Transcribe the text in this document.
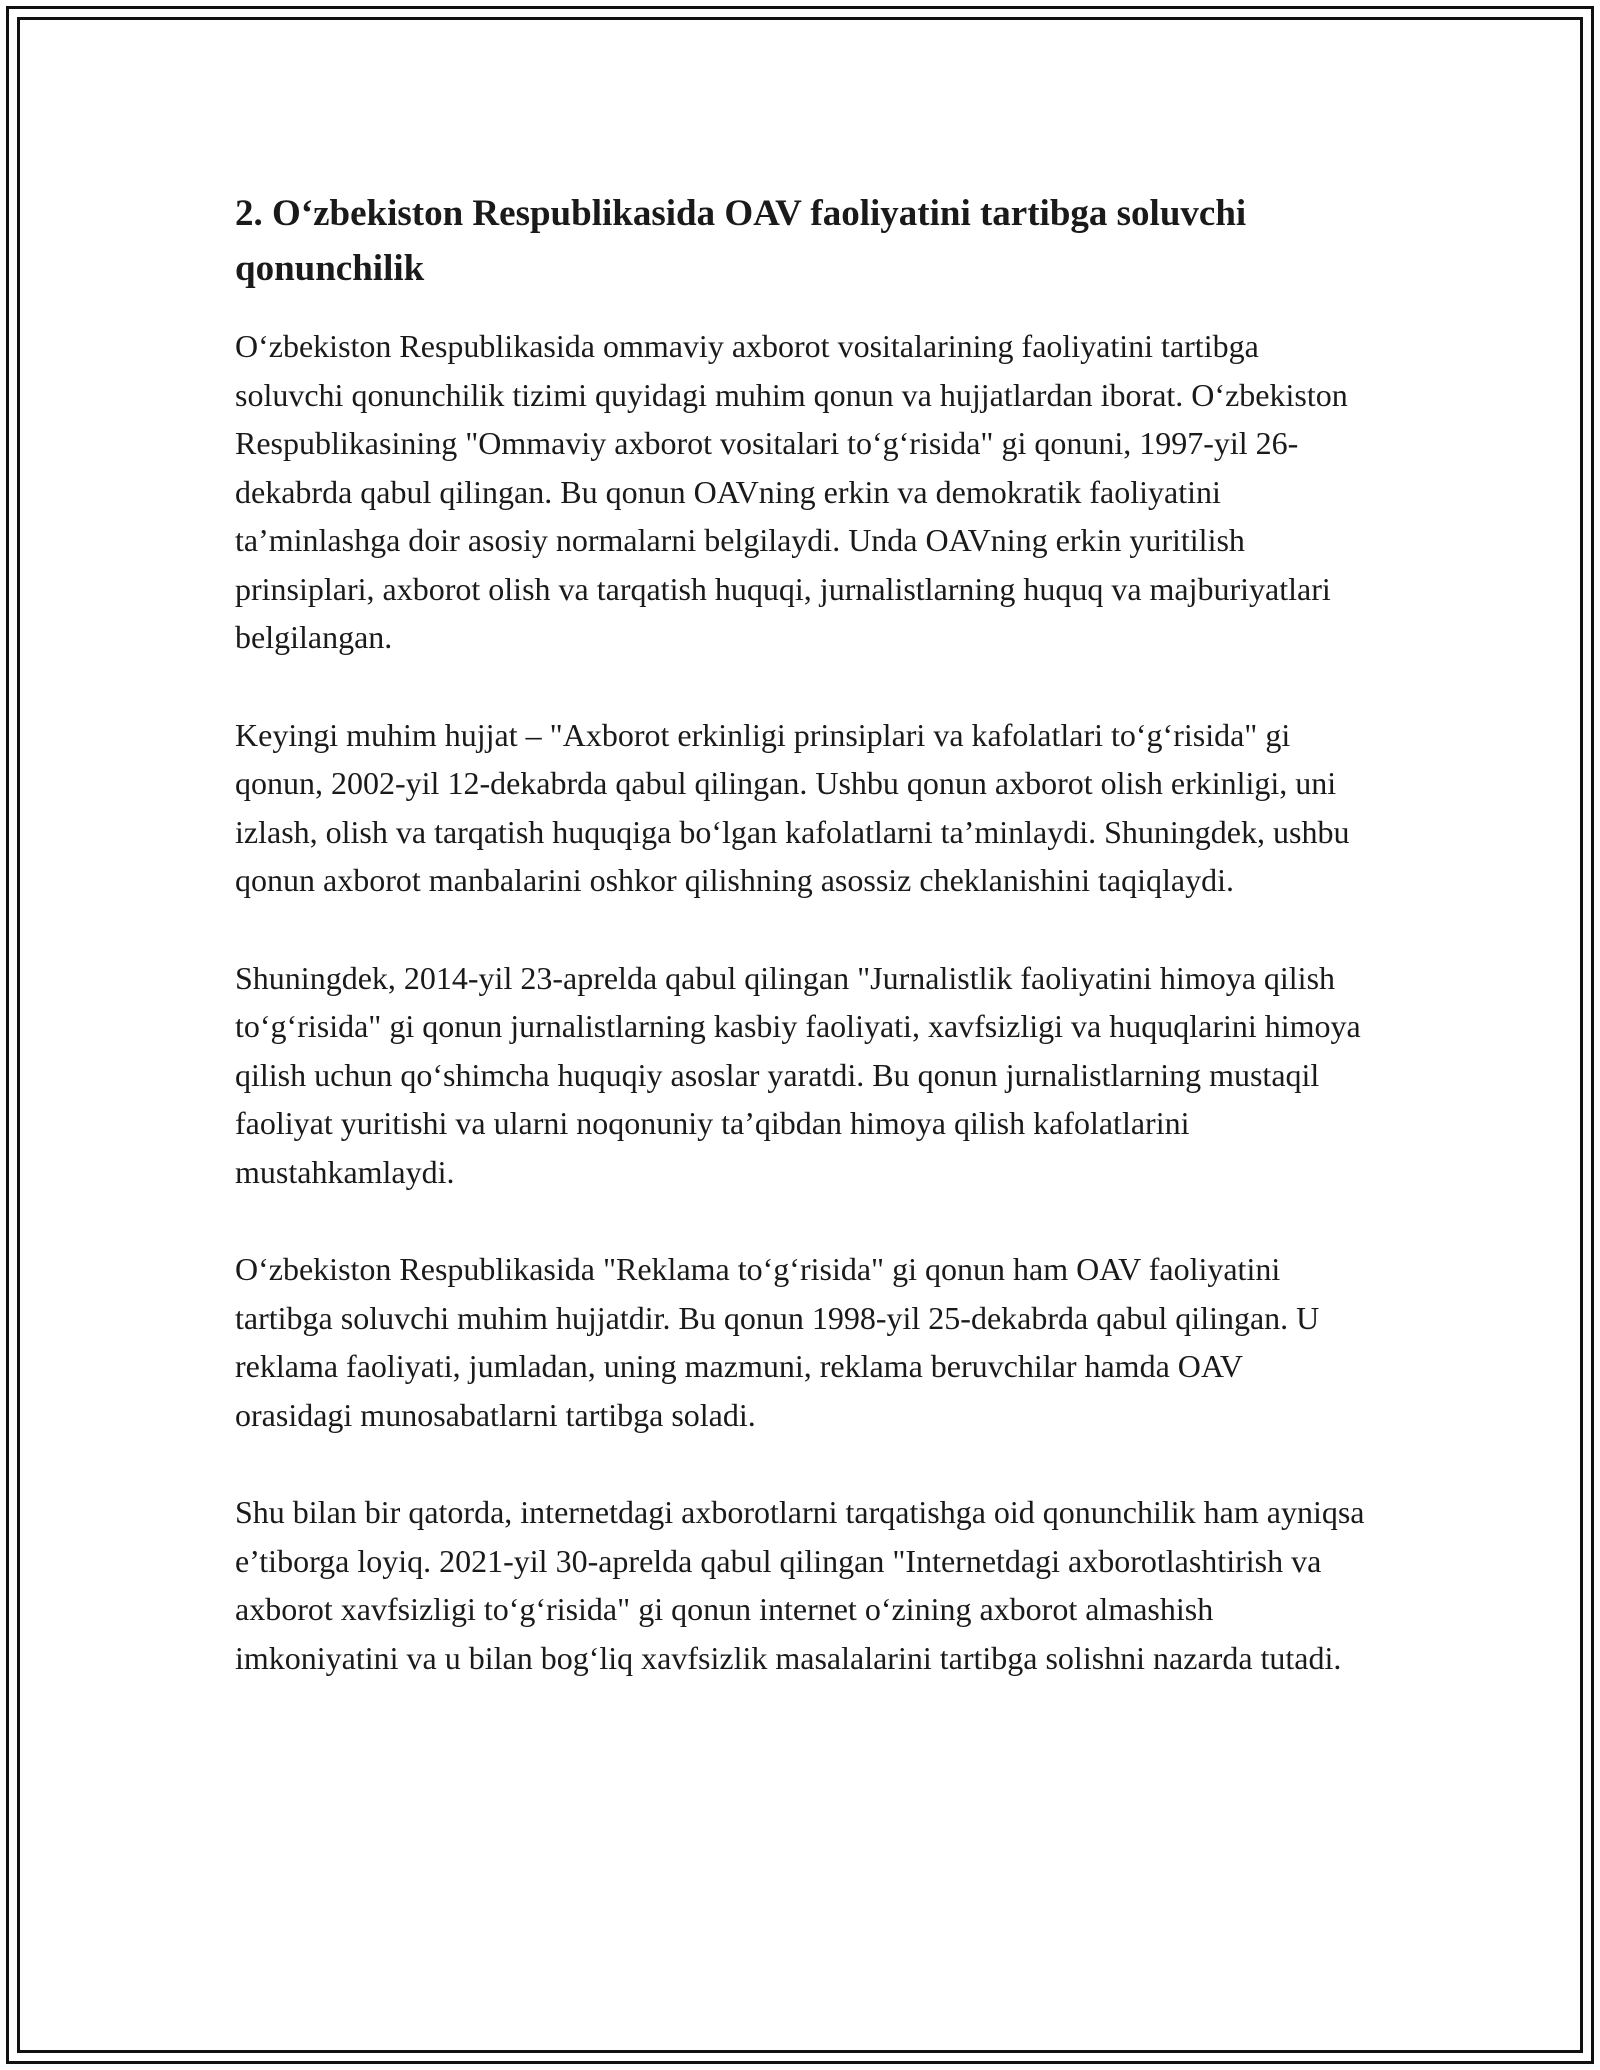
2. O‘zbekiston Respublikasida OAV faoliyatini tartibga soluvchi qonunchilik

O‘zbekiston Respublikasida ommaviy axborot vositalarining faoliyatini tartibga soluvchi qonunchilik tizimi quyidagi muhim qonun va hujjatlardan iborat. O‘zbekiston Respublikasining "Ommaviy axborot vositalari to‘g‘risida" gi qonuni, 1997-yil 26-dekabrda qabul qilingan. Bu qonun OAVning erkin va demokratik faoliyatini ta’minlashga doir asosiy normalarni belgilaydi. Unda OAVning erkin yuritilish prinsiplari, axborot olish va tarqatish huquqi, jurnalistlarning huquq va majburiyatlari belgilangan.

Keyingi muhim hujjat – "Axborot erkinligi prinsiplari va kafolatlari to‘g‘risida" gi qonun, 2002-yil 12-dekabrda qabul qilingan. Ushbu qonun axborot olish erkinligi, uni izlash, olish va tarqatish huquqiga bo‘lgan kafolatlarni ta’minlaydi. Shuningdek, ushbu qonun axborot manbalarini oshkor qilishning asossiz cheklanishini taqiqlaydi.

Shuningdek, 2014-yil 23-aprelda qabul qilingan "Jurnalistlik faoliyatini himoya qilish to‘g‘risida" gi qonun jurnalistlarning kasbiy faoliyati, xavfsizligi va huquqlarini himoya qilish uchun qo‘shimcha huquqiy asoslar yaratdi. Bu qonun jurnalistlarning mustaqil faoliyat yuritishi va ularni noqonuniy ta’qibdan himoya qilish kafolatlarini mustahkamlaydi.

O‘zbekiston Respublikasida "Reklama to‘g‘risida" gi qonun ham OAV faoliyatini tartibga soluvchi muhim hujjatdir. Bu qonun 1998-yil 25-dekabrda qabul qilingan. U reklama faoliyati, jumladan, uning mazmuni, reklama beruvchilar hamda OAV orasidagi munosabatlarni tartibga soladi.

Shu bilan bir qatorda, internetdagi axborotlarni tarqatishga oid qonunchilik ham ayniqsa e’tiborga loyiq. 2021-yil 30-aprelda qabul qilingan "Internetdagi axborotlashtirish va axborot xavfsizligi to‘g‘risida" gi qonun internet o‘zining axborot almashish imkoniyatini va u bilan bog‘liq xavfsizlik masalalarini tartibga solishni nazarda tutadi.
